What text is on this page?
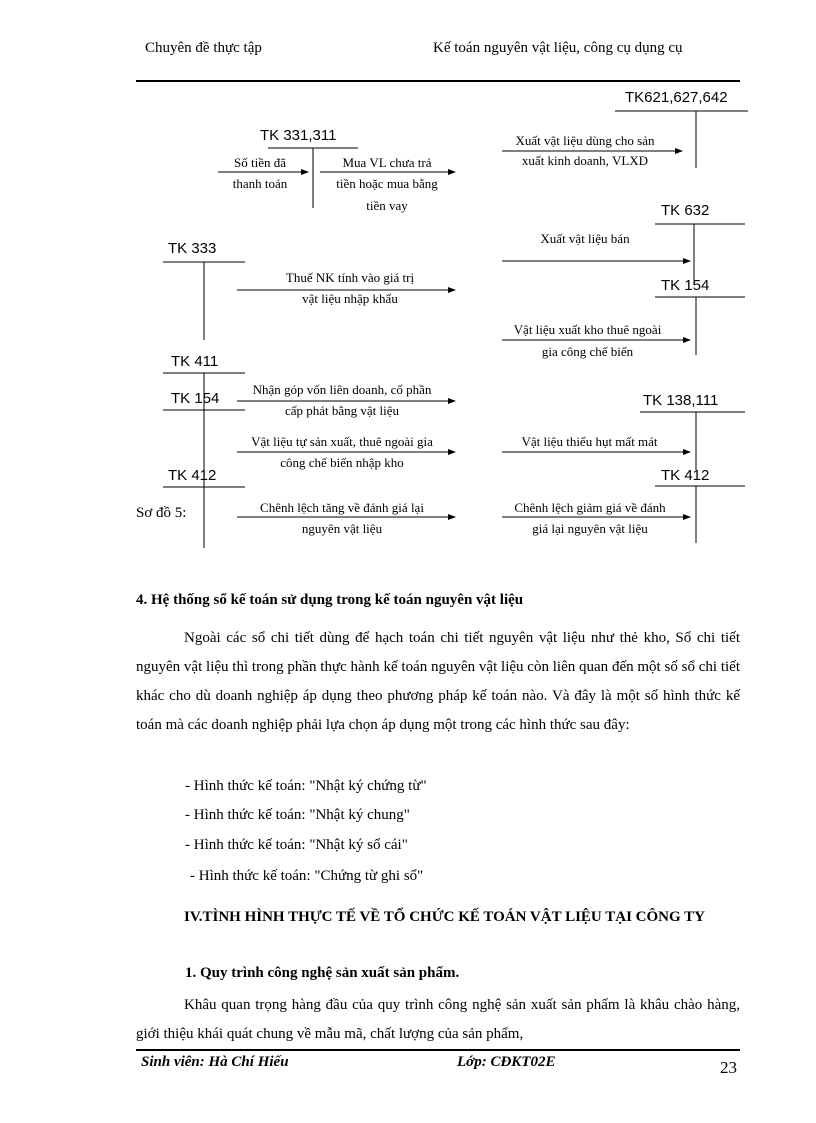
Chuyên đề thực tập	Kế toán nguyên vật liệu, công cụ dụng cụ
TK621,627,642
TK 331,311
TK 632
TK 333
TK 154
TK 411
TK 154	TK 138,111
TK 412	TK 412
Số tiền đã
thanh toán
Mua VL chưa trả
tiền hoặc mua bằng
tiền vay
Xuất vật liệu dùng cho sản
xuất kinh doanh, VLXD
Xuất vật liệu bán
Thuế NK tính vào giá trị
vật liệu nhập khẩu
Vật liệu xuất kho thuê ngoài
gia công chế biến
Nhận góp vốn liên doanh, cổ phần
cấp phát bằng vật liệu
Vật liệu tự sản xuất, thuê ngoài gia
công chế biến nhập kho
Vật liệu thiếu hụt mất mát
Chênh lệch tăng về đánh giá lại
nguyên vật liệu
Chênh lệch giảm giá về đánh
giá lại nguyên vật liệu
Sơ đồ 5:
4. Hệ thống sổ kế toán sử dụng trong kế toán nguyên vật liệu
Ngoài các sổ chi tiết dùng để hạch toán chi tiết nguyên vật liệu như thẻ kho, Sổ chi tiết nguyên vật liệu thì trong phần thực hành kế toán nguyên vật liệu còn liên quan đến một số sổ chi tiết khác cho dù doanh nghiệp áp dụng theo phương pháp kế toán nào. Và đây là một số hình thức kế toán mà các doanh nghiệp phải lựa chọn áp dụng một trong các hình thức sau đây:
- Hình thức kế toán: "Nhật ký chứng từ"
- Hình thức kế toán: "Nhật ký chung"
- Hình thức kế toán: "Nhật ký sổ cái"
- Hình thức kế toán: "Chứng từ ghi sổ"
IV.TÌNH HÌNH THỰC TẾ VỀ TỔ CHỨC KẾ TOÁN VẬT LIỆU TẠI CÔNG TY
1. Quy trình công nghệ sản xuất sản phẩm.
Khâu quan trọng hàng đầu của quy trình công nghệ sản xuất sản phẩm là khâu chào hàng, giới thiệu khái quát chung về mẫu mã, chất lượng của sản phẩm,
Sinh viên: Hà Chí Hiếu	Lớp: CĐKT02E	23
